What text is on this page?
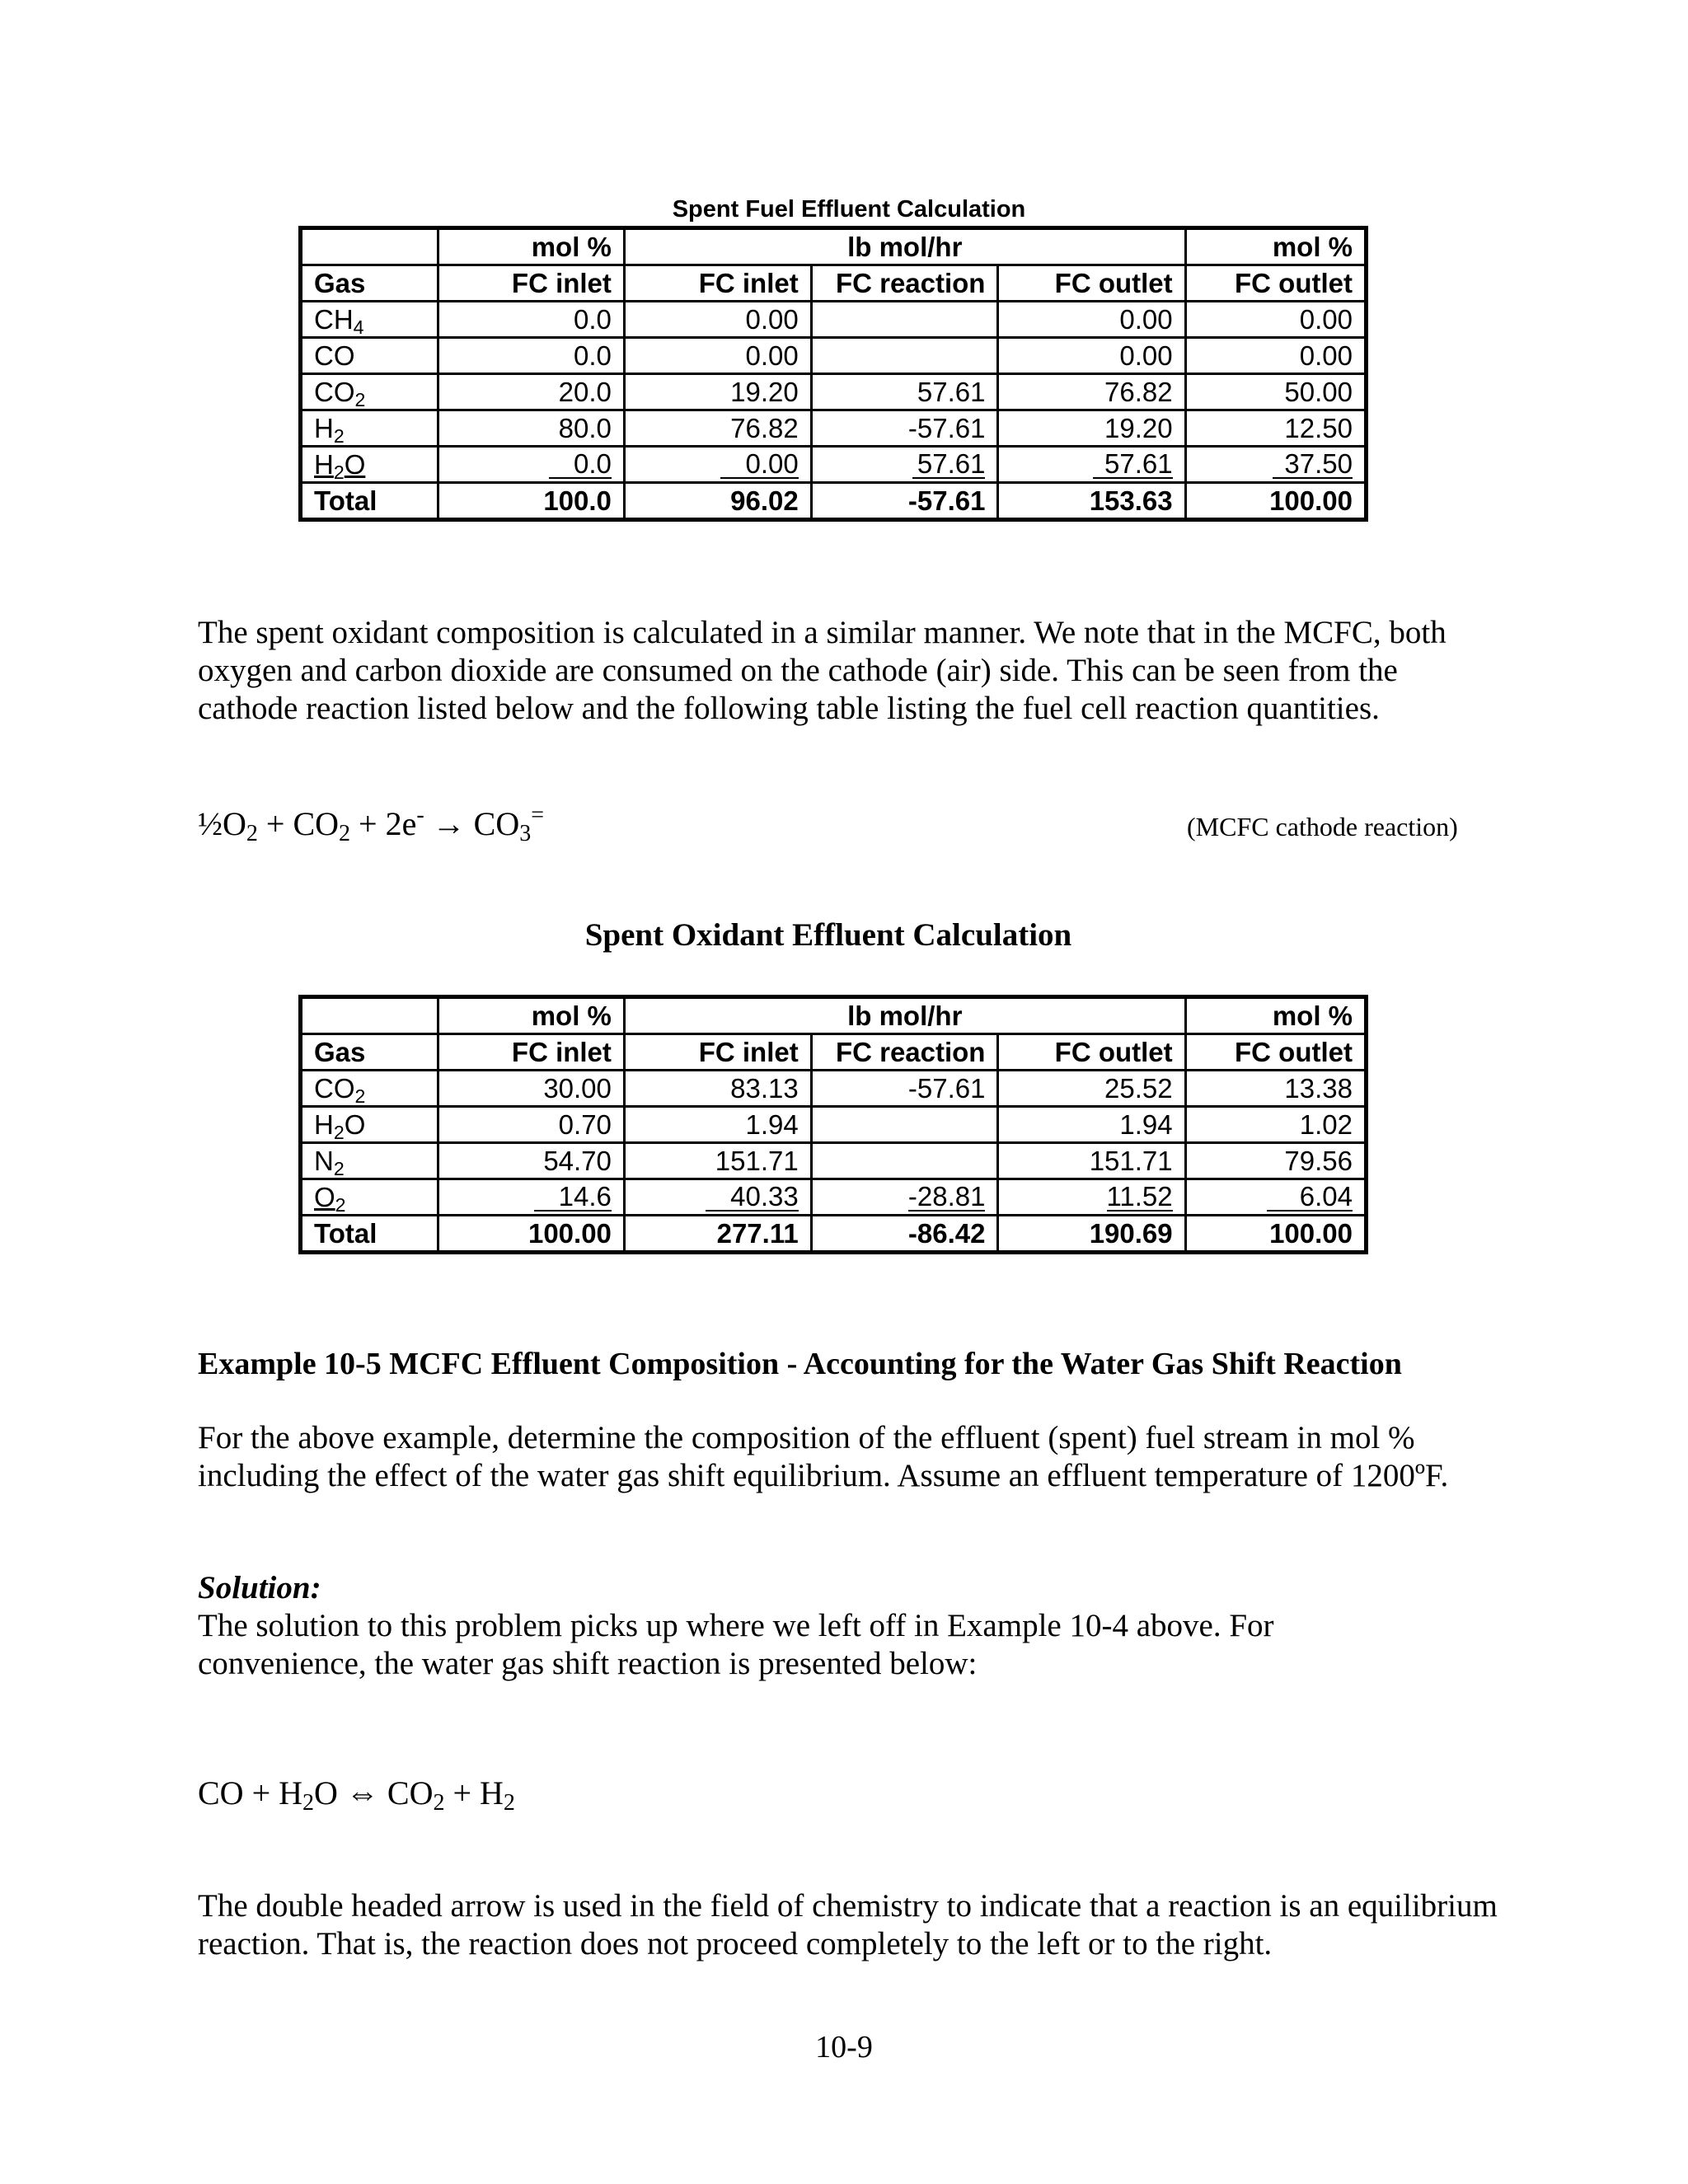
Spent Fuel Effluent Calculation
	mol %	lb mol/hr			mol %
Gas	FC inlet	FC inlet	FC reaction	FC outlet	FC outlet
$CH_4$	0.0	0.00		0.00	0.00
CO	0.0	0.00		0.00	0.00
$CO_2$	20.0	19.20	57.61	76.82	50.00
$H_2$	80.0	76.82	-57.61	19.20	12.50
$H_2O$	0.0	0.00	57.61	57.61	37.50
Total	100.0	96.02	-57.61	153.63	100.00
The spent oxidant composition is calculated in a similar manner. We note that in the MCFC, both oxygen and carbon dioxide are consumed on the cathode (air) side. This can be seen from the cathode reaction listed below and the following table listing the fuel cell reaction quantities.
$\frac{1}{2}O_2 + CO_2 + 2e^- \to CO_3^=$	(MCFC cathode reaction)
Spent Oxidant Effluent Calculation
	mol %	lb mol/hr			mol %
Gas	FC inlet	FC inlet	FC reaction	FC outlet	FC outlet
$CO_2$	30.00	83.13	-57.61	25.52	13.38
$H_2O$	0.70	1.94		1.94	1.02
$N_2$	54.70	151.71		151.71	79.56
$O_2$	14.6	40.33	-28.81	11.52	6.04
Total	100.00	277.11	-86.42	190.69	100.00
Example 10-5 MCFC Effluent Composition - Accounting for the Water Gas Shift Reaction
For the above example, determine the composition of the effluent (spent) fuel stream in mol % including the effect of the water gas shift equilibrium. Assume an effluent temperature of 1200ºF.
Solution:
The solution to this problem picks up where we left off in Example 10-4 above. For convenience, the water gas shift reaction is presented below:
CO + $H_2O$ ⇔ $CO_2 + H_2$
The double headed arrow is used in the field of chemistry to indicate that a reaction is an equilibrium reaction. That is, the reaction does not proceed completely to the left or to the right.
10-9
